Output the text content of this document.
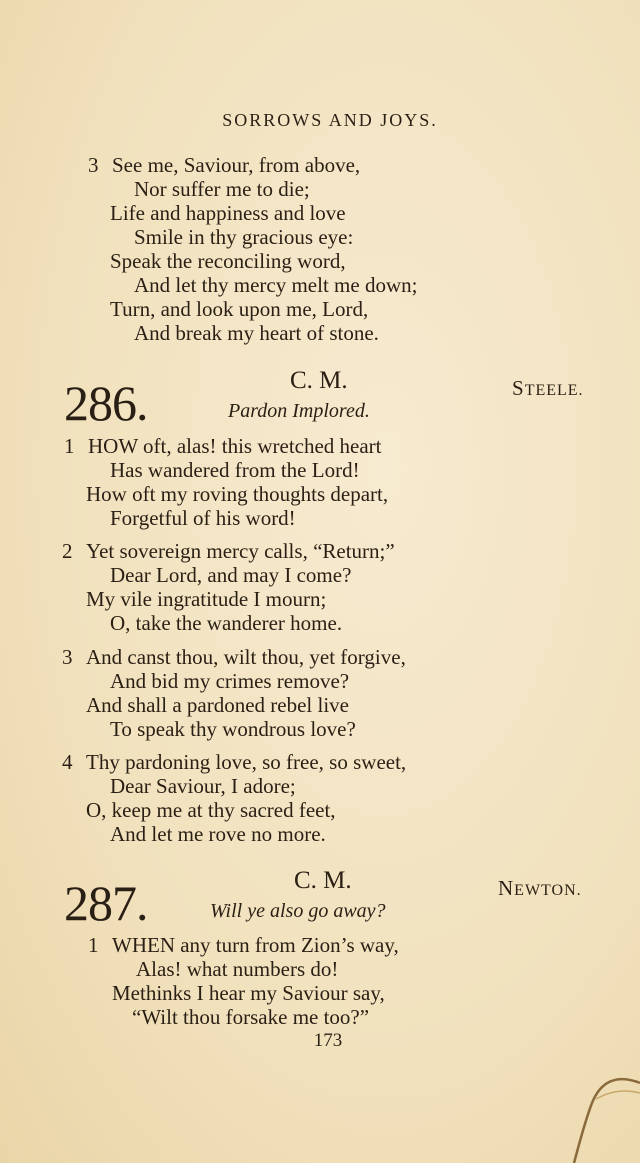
SORROWS AND JOYS.
3 See me, Saviour, from above,
Nor suffer me to die;
Life and happiness and love
Smile in thy gracious eye:
Speak the reconciling word,
And let thy mercy melt me down;
Turn, and look upon me, Lord,
And break my heart of stone.
286.	C. M.	STEELE.
Pardon Implored.
1 HOW oft, alas! this wretched heart
Has wandered from the Lord!
How oft my roving thoughts depart,
Forgetful of his word!
2 Yet sovereign mercy calls, “Return;”
Dear Lord, and may I come?
My vile ingratitude I mourn;
O, take the wanderer home.
3 And canst thou, wilt thou, yet forgive,
And bid my crimes remove?
And shall a pardoned rebel live
To speak thy wondrous love?
4 Thy pardoning love, so free, so sweet,
Dear Saviour, I adore;
O, keep me at thy sacred feet,
And let me rove no more.
287.	C. M.	NEWTON.
Will ye also go away?
1 WHEN any turn from Zion’s way,
Alas! what numbers do!
Methinks I hear my Saviour say,
“Wilt thou forsake me too?”
173
